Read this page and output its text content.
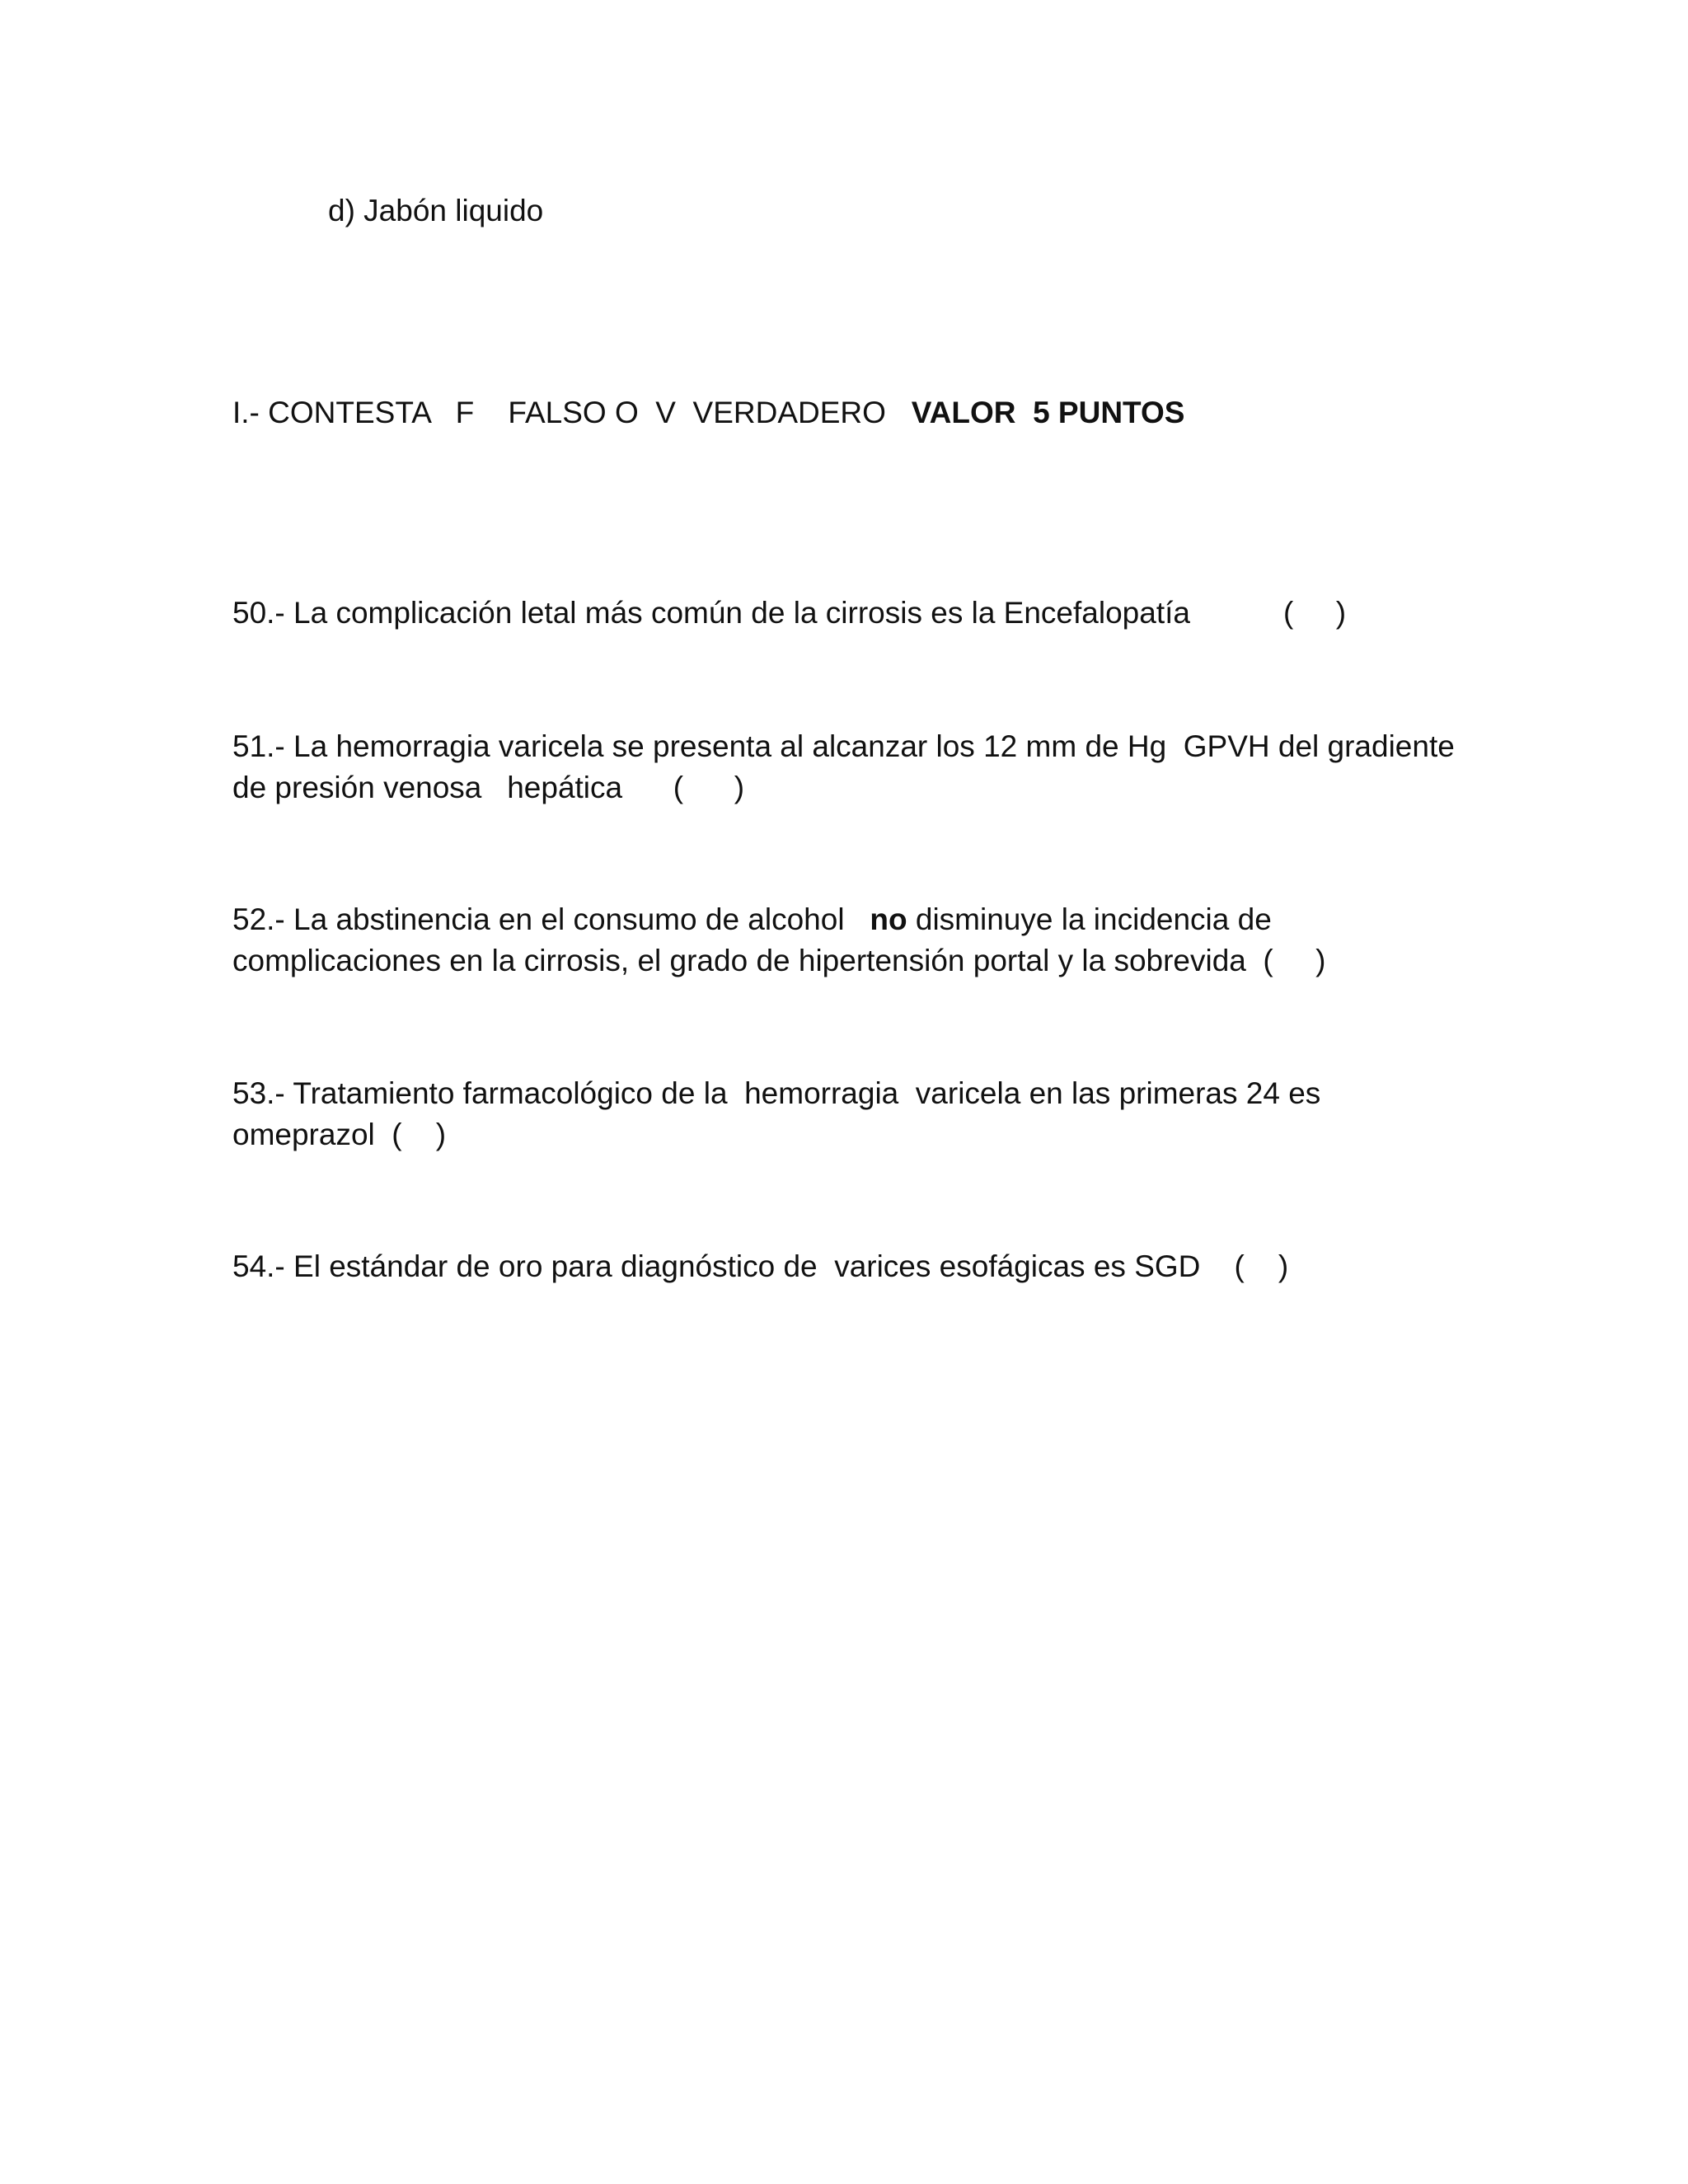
d) Jabón liquido
I.- CONTESTA   F    FALSO O  V  VERDADERO   VALOR  5 PUNTOS
50.- La complicación letal más común de la cirrosis es la Encefalopatía           (     )
51.- La hemorragia varicela se presenta al alcanzar los 12 mm de Hg  GPVH del gradiente
de presión venosa   hepática      (      )
52.- La abstinencia en el consumo de alcohol   no disminuye la incidencia de
complicaciones en la cirrosis, el grado de hipertensión portal y la sobrevida  (     )
53.- Tratamiento farmacológico de la  hemorragia  varicela en las primeras 24 es
omeprazol  (    )
54.- El estándar de oro para diagnóstico de  varices esofágicas es SGD    (    )
